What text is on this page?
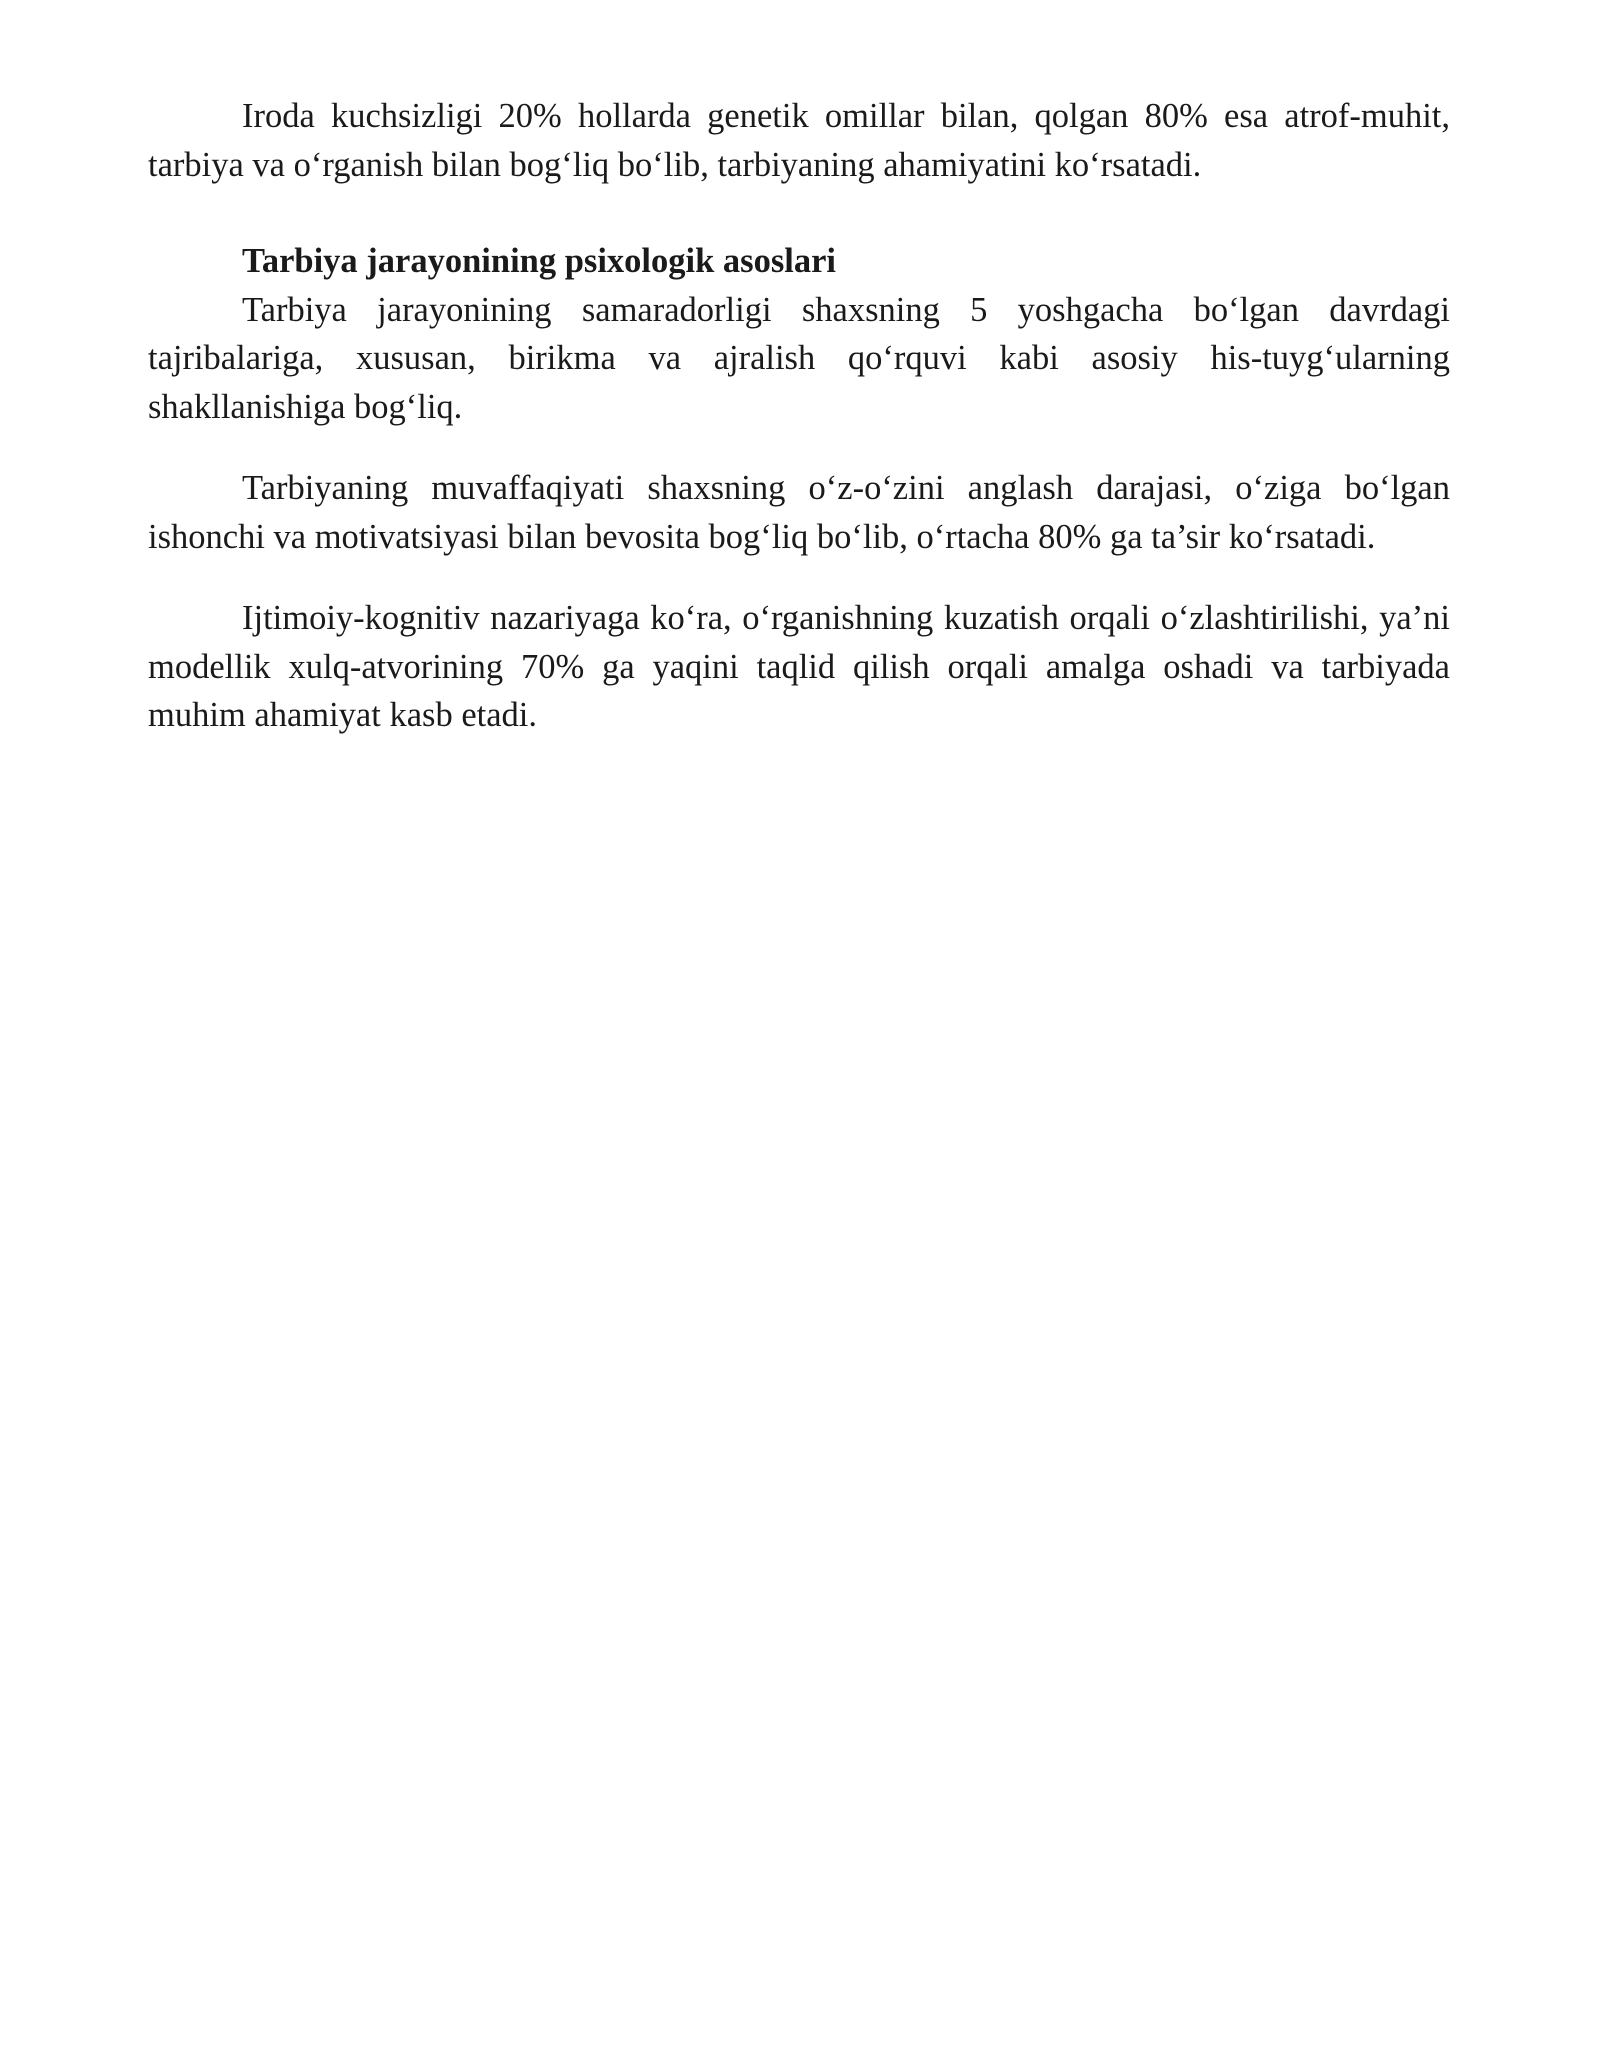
Iroda kuchsizligi 20% hollarda genetik omillar bilan, qolgan 80% esa atrof-muhit, tarbiya va o‘rganish bilan bog‘liq bo‘lib, tarbiyaning ahamiyatini ko‘rsatadi.

Tarbiya jarayonining psixologik asoslari

Tarbiya jarayonining samaradorligi shaxsning 5 yoshgacha bo‘lgan davrdagi tajribalariga, xususan, birikma va ajralish qo‘rquvi kabi asosiy his-tuyg‘ularning shakllanishiga bog‘liq.

Tarbiyaning muvaffaqiyati shaxsning o‘z-o‘zini anglash darajasi, o‘ziga bo‘lgan ishonchi va motivatsiyasi bilan bevosita bog‘liq bo‘lib, o‘rtacha 80% ga ta’sir ko‘rsatadi.

Ijtimoiy-kognitiv nazariyaga ko‘ra, o‘rganishning kuzatish orqali o‘zlashtirilishi, ya’ni modellik xulq-atvorining 70% ga yaqini taqlid qilish orqali amalga oshadi va tarbiyada muhim ahamiyat kasb etadi.
